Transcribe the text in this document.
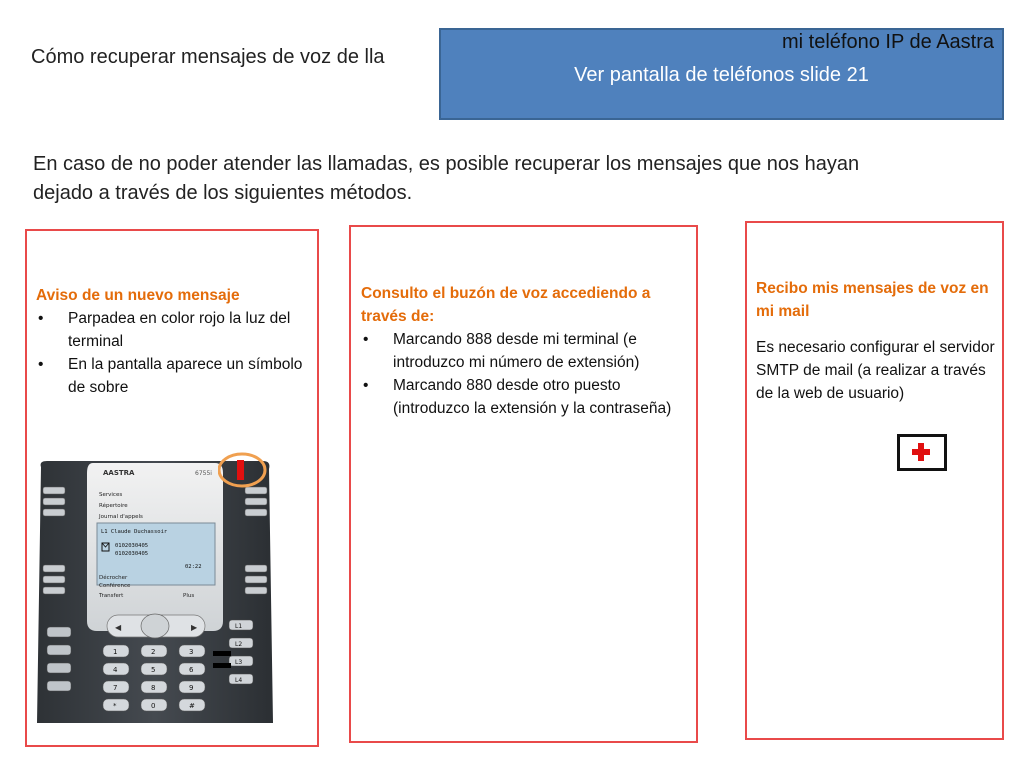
Cómo recuperar mensajes de voz de lla
mi teléfono IP de Aastra
Ver pantalla de teléfonos slide 21
En caso de no poder atender las llamadas, es posible recuperar los mensajes que nos hayan dejado a través de los siguientes métodos.
Aviso de un nuevo mensaje
• Parpadea en color rojo la luz del terminal
• En la pantalla aparece un símbolo de sobre
AASTRA	6755i
Services
Répertoire
Journal d'appels
L1 Claude Duchassoir
0102030405
0102030405
02:22
Décrocher
Conférence
Transfert	Plus
◀	▶
1	2	3
4	5	6
7	8	9
*	0	#
L1
L2
L3
L4
Consulto el buzón de voz accediendo a través de:
• Marcando 888 desde mi terminal (e introduzco mi número de extensión)
• Marcando 880 desde otro puesto (introduzco la extensión y la contraseña)
Recibo mis mensajes de voz en mi mail
Es necesario configurar el servidor SMTP de mail (a realizar a través de la web de usuario)
